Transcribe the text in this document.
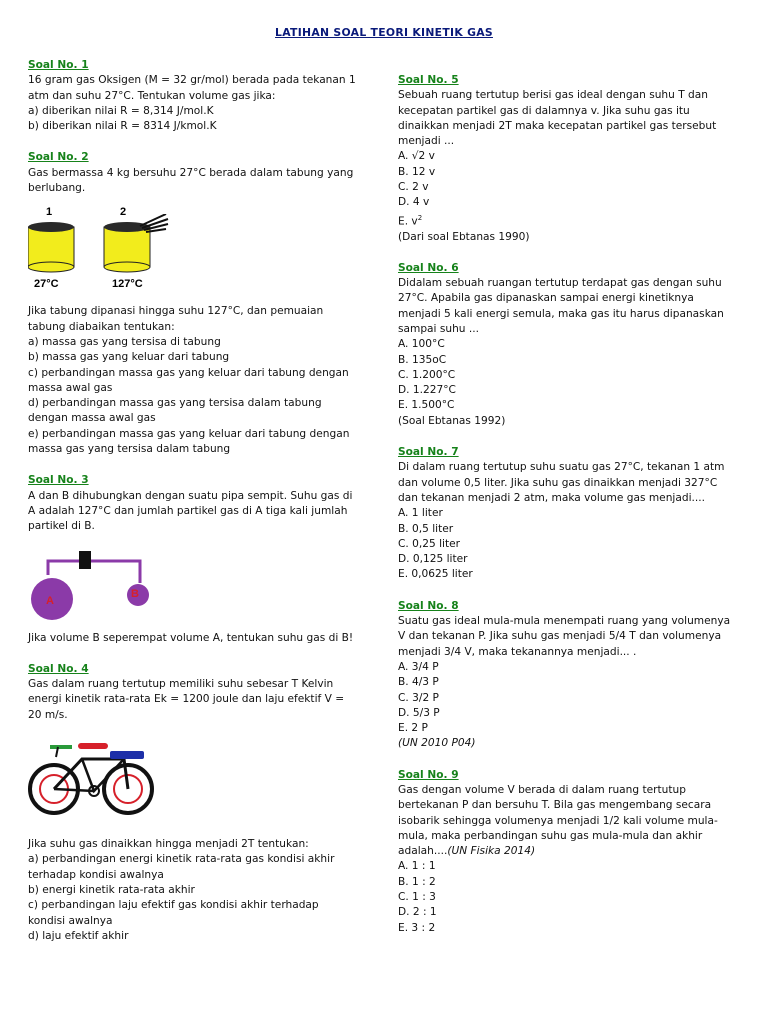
LATIHAN SOAL TEORI KINETIK GAS
Soal No. 1
16 gram gas Oksigen (M = 32 gr/mol) berada pada tekanan 1
atm dan suhu 27°C. Tentukan volume gas jika:
a) diberikan nilai R = 8,314 J/mol.K
b) diberikan nilai R = 8314 J/kmol.K
Soal No. 2
Gas bermassa 4 kg bersuhu 27°C berada dalam tabung yang
berlubang.
1	2
27°C	127°C
Jika tabung dipanasi hingga suhu 127°C, dan pemuaian
tabung diabaikan tentukan:
a) massa gas yang tersisa di tabung
b) massa gas yang keluar dari tabung
c) perbandingan massa gas yang keluar dari tabung dengan
massa awal gas
d) perbandingan massa gas yang tersisa dalam tabung
dengan massa awal gas
e) perbandingan massa gas yang keluar dari tabung dengan
massa gas yang tersisa dalam tabung
Soal No. 3
A dan B dihubungkan dengan suatu pipa sempit. Suhu gas di
A adalah 127°C dan jumlah partikel gas di A tiga kali jumlah
partikel di B.
A
B
Jika volume B seperempat volume A, tentukan suhu gas di B!
Soal No. 4
Gas dalam ruang tertutup memiliki suhu sebesar T Kelvin
energi kinetik rata-rata Ek = 1200 joule dan laju efektif V =
20 m/s.
Jika suhu gas dinaikkan hingga menjadi 2T tentukan:
a) perbandingan energi kinetik rata-rata gas kondisi akhir
terhadap kondisi awalnya
b) energi kinetik rata-rata akhir
c) perbandingan laju efektif gas kondisi akhir terhadap
kondisi awalnya
d) laju efektif akhir
Soal No. 5
Sebuah ruang tertutup berisi gas ideal dengan suhu T dan
kecepatan partikel gas di dalamnya v. Jika suhu gas itu
dinaikkan menjadi 2T maka kecepatan partikel gas tersebut
menjadi ...
A. √2 v
B. 12 v
C. 2 v
D. 4 v
E. $v^2$
(Dari soal Ebtanas 1990)
Soal No. 6
Didalam sebuah ruangan tertutup terdapat gas dengan suhu
27°C. Apabila gas dipanaskan sampai energi kinetiknya
menjadi 5 kali energi semula, maka gas itu harus dipanaskan
sampai suhu ...
A. 100°C
B. 135oC
C. 1.200°C
D. 1.227°C
E. 1.500°C
(Soal Ebtanas 1992)
Soal No. 7
Di dalam ruang tertutup suhu suatu gas 27°C, tekanan 1 atm
dan volume 0,5 liter. Jika suhu gas dinaikkan menjadi 327°C
dan tekanan menjadi 2 atm, maka volume gas menjadi....
A. 1 liter
B. 0,5 liter
C. 0,25 liter
D. 0,125 liter
E. 0,0625 liter
Soal No. 8
Suatu gas ideal mula-mula menempati ruang yang volumenya
V dan tekanan P. Jika suhu gas menjadi 5/4 T dan volumenya
menjadi 3/4 V, maka tekanannya menjadi... .
A. 3/4 P
B. 4/3 P
C. 3/2 P
D. 5/3 P
E. 2 P
(UN 2010 P04)
Soal No. 9
Gas dengan volume V berada di dalam ruang tertutup
bertekanan P dan bersuhu T. Bila gas mengembang secara
isobarik sehingga volumenya menjadi 1/2 kali volume mula-
mula, maka perbandingan suhu gas mula-mula dan akhir
adalah....(UN Fisika 2014)
A. 1 : 1
B. 1 : 2
C. 1 : 3
D. 2 : 1
E. 3 : 2
